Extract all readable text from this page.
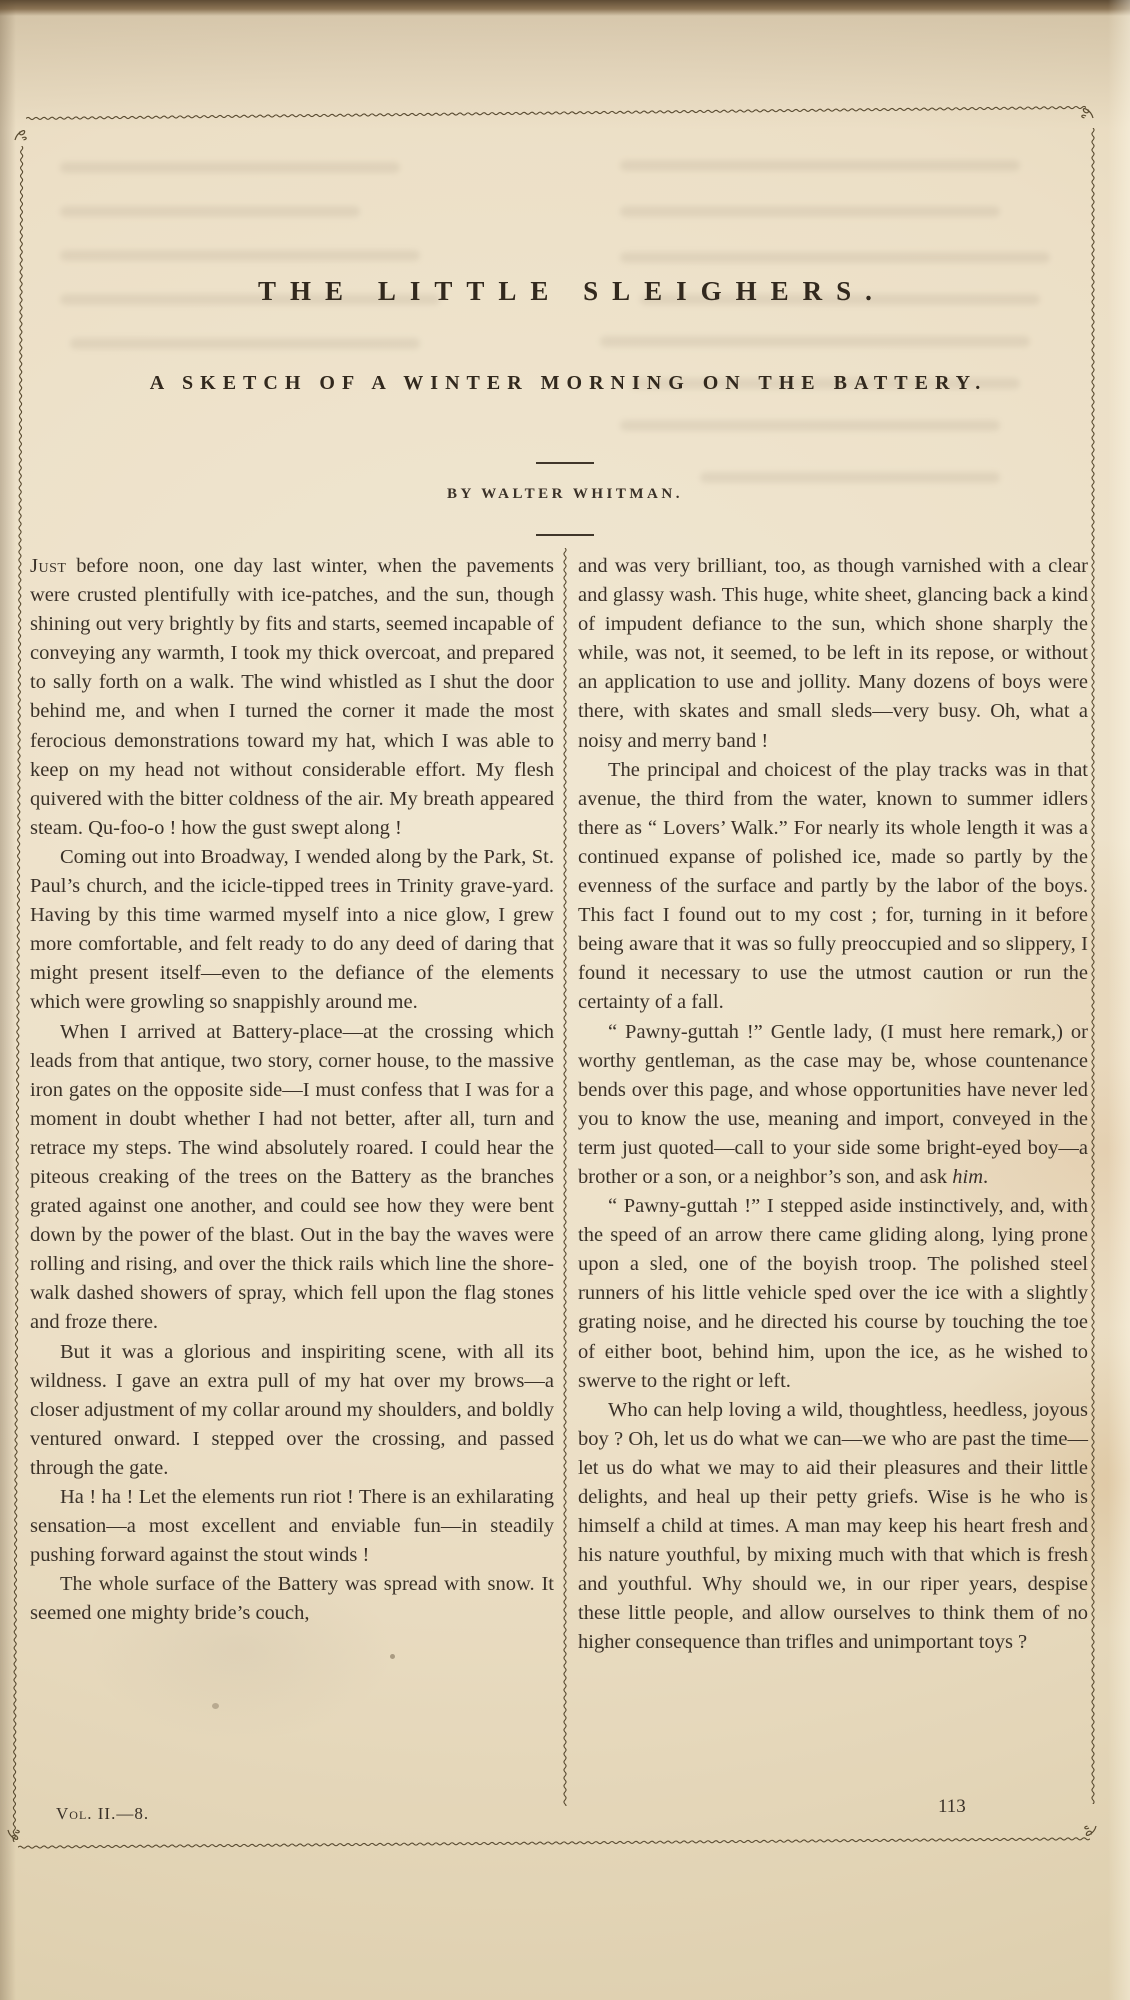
THE LITTLE SLEIGHERS.
A SKETCH OF A WINTER MORNING ON THE BATTERY.
BY WALTER WHITMAN.

Just before noon, one day last winter, when the pavements were crusted plentifully with ice-patches, and the sun, though shining out very brightly by fits and starts, seemed incapable of conveying any warmth, I took my thick overcoat, and prepared to sally forth on a walk. The wind whistled as I shut the door behind me, and when I turned the corner it made the most ferocious demonstrations toward my hat, which I was able to keep on my head not without considerable effort. My flesh quivered with the bitter coldness of the air. My breath appeared steam. Qu-foo-o ! how the gust swept along !

Coming out into Broadway, I wended along by the Park, St. Paul’s church, and the icicle-tipped trees in Trinity grave-yard. Having by this time warmed myself into a nice glow, I grew more comfortable, and felt ready to do any deed of daring that might present itself—even to the defiance of the elements which were growling so snappishly around me.

When I arrived at Battery-place—at the crossing which leads from that antique, two story, corner house, to the massive iron gates on the opposite side—I must confess that I was for a moment in doubt whether I had not better, after all, turn and retrace my steps. The wind absolutely roared. I could hear the piteous creaking of the trees on the Battery as the branches grated against one another, and could see how they were bent down by the power of the blast. Out in the bay the waves were rolling and rising, and over the thick rails which line the shore-walk dashed showers of spray, which fell upon the flag stones and froze there.

But it was a glorious and inspiriting scene, with all its wildness. I gave an extra pull of my hat over my brows—a closer adjustment of my collar around my shoulders, and boldly ventured onward. I stepped over the crossing, and passed through the gate.

Ha ! ha ! Let the elements run riot ! There is an exhilarating sensation—a most excellent and enviable fun—in steadily pushing forward against the stout winds !

The whole surface of the Battery was spread with snow. It seemed one mighty bride’s couch,

and was very brilliant, too, as though varnished with a clear and glassy wash. This huge, white sheet, glancing back a kind of impudent defiance to the sun, which shone sharply the while, was not, it seemed, to be left in its repose, or without an application to use and jollity. Many dozens of boys were there, with skates and small sleds—very busy. Oh, what a noisy and merry band !

The principal and choicest of the play tracks was in that avenue, the third from the water, known to summer idlers there as “ Lovers’ Walk.” For nearly its whole length it was a continued expanse of polished ice, made so partly by the evenness of the surface and partly by the labor of the boys. This fact I found out to my cost ; for, turning in it before being aware that it was so fully preoccupied and so slippery, I found it necessary to use the utmost caution or run the certainty of a fall.

“ Pawny-guttah !” Gentle lady, (I must here remark,) or worthy gentleman, as the case may be, whose countenance bends over this page, and whose opportunities have never led you to know the use, meaning and import, conveyed in the term just quoted—call to your side some bright-eyed boy—a brother or a son, or a neighbor’s son, and ask him.

“ Pawny-guttah !” I stepped aside instinctively, and, with the speed of an arrow there came gliding along, lying prone upon a sled, one of the boyish troop. The polished steel runners of his little vehicle sped over the ice with a slightly grating noise, and he directed his course by touching the toe of either boot, behind him, upon the ice, as he wished to swerve to the right or left.

Who can help loving a wild, thoughtless, heedless, joyous boy ? Oh, let us do what we can—we who are past the time—let us do what we may to aid their pleasures and their little delights, and heal up their petty griefs. Wise is he who is himself a child at times. A man may keep his heart fresh and his nature youthful, by mixing much with that which is fresh and youthful. Why should we, in our riper years, despise these little people, and allow ourselves to think them of no higher consequence than trifles and unimportant toys ?

Vol. II.—8.	113
